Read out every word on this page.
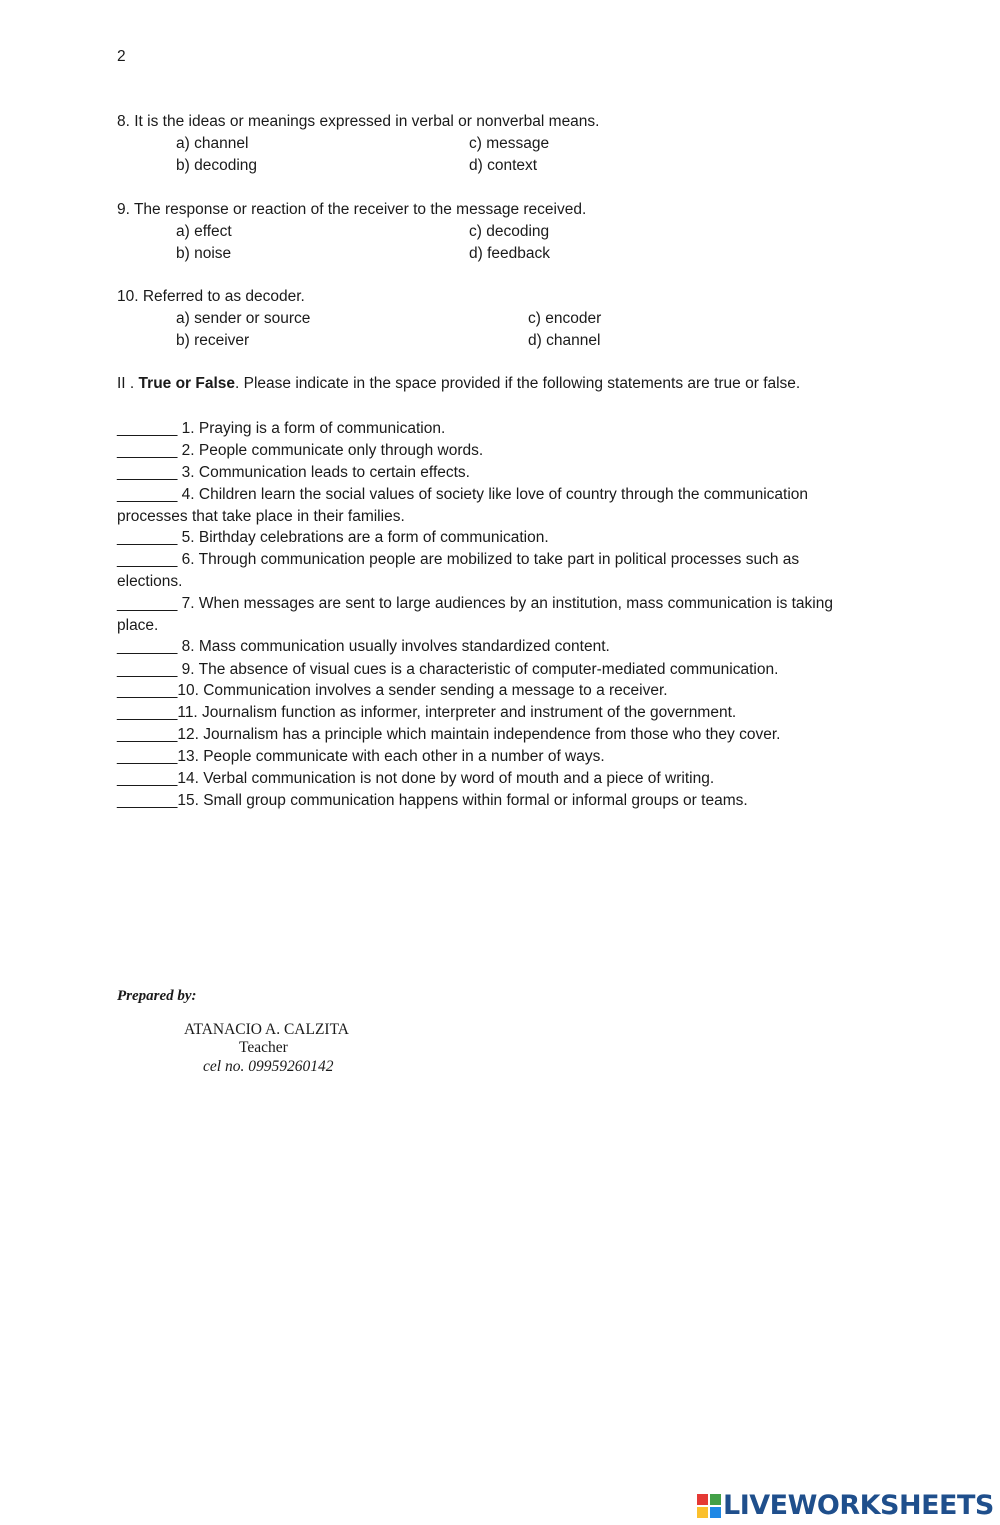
2
8. It is the ideas or meanings expressed in verbal or nonverbal means.
a) channel	c) message
b) decoding	d) context
9. The response or reaction of the receiver to the message received.
a) effect	c) decoding
b) noise	d) feedback
10. Referred to as decoder.
a) sender or source	c) encoder
b) receiver	d) channel
II . True or False. Please indicate in the space provided if the following statements are true or false.
_______ 1. Praying is a form of communication.
_______ 2. People communicate only through words.
_______ 3. Communication leads to certain effects.
_______ 4. Children learn the social values of society like love of country through the communication
processes that take place in their families.
_______ 5. Birthday celebrations are a form of communication.
_______ 6. Through communication people are mobilized to take part in political processes such as
elections.
_______ 7. When messages are sent to large audiences by an institution, mass communication is taking
place.
_______ 8. Mass communication usually involves standardized content.
_______ 9. The absence of visual cues is a characteristic of computer-mediated communication.
_______10. Communication involves a sender sending a message to a receiver.
_______11. Journalism function as informer, interpreter and instrument of the government.
_______12. Journalism has a principle which maintain independence from those who they cover.
_______13. People communicate with each other in a number of ways.
_______14. Verbal communication is not done by word of mouth and a piece of writing.
_______15. Small group communication happens within formal or informal groups or teams.
Prepared by:
ATANACIO A. CALZITA
Teacher
cel no. 09959260142
LIVEWORKSHEETS
